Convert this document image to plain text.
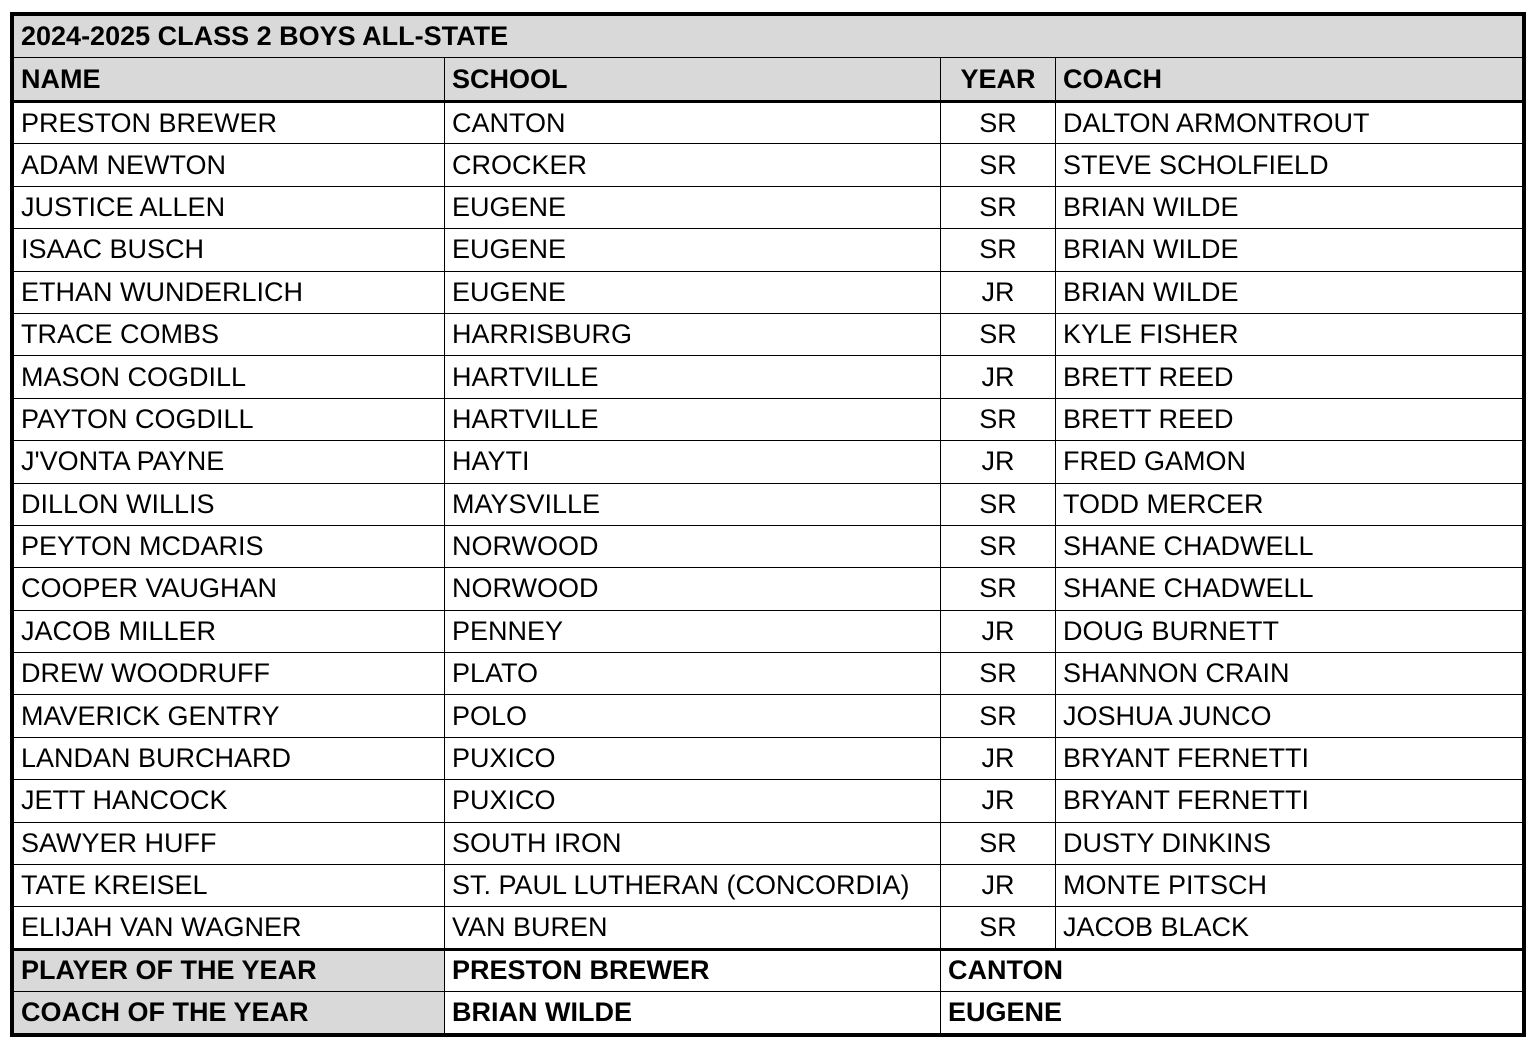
2024-2025 CLASS 2 BOYS ALL-STATE			
NAME	SCHOOL	YEAR	COACH
PRESTON BREWER	CANTON	SR	DALTON ARMONTROUT
ADAM NEWTON	CROCKER	SR	STEVE SCHOLFIELD
JUSTICE ALLEN	EUGENE	SR	BRIAN WILDE
ISAAC BUSCH	EUGENE	SR	BRIAN WILDE
ETHAN WUNDERLICH	EUGENE	JR	BRIAN WILDE
TRACE COMBS	HARRISBURG	SR	KYLE FISHER
MASON COGDILL	HARTVILLE	JR	BRETT REED
PAYTON COGDILL	HARTVILLE	SR	BRETT REED
J'VONTA PAYNE	HAYTI	JR	FRED GAMON
DILLON WILLIS	MAYSVILLE	SR	TODD MERCER
PEYTON MCDARIS	NORWOOD	SR	SHANE CHADWELL
COOPER VAUGHAN	NORWOOD	SR	SHANE CHADWELL
JACOB MILLER	PENNEY	JR	DOUG BURNETT
DREW WOODRUFF	PLATO	SR	SHANNON CRAIN
MAVERICK GENTRY	POLO	SR	JOSHUA JUNCO
LANDAN BURCHARD	PUXICO	JR	BRYANT FERNETTI
JETT HANCOCK	PUXICO	JR	BRYANT FERNETTI
SAWYER HUFF	SOUTH IRON	SR	DUSTY DINKINS
TATE KREISEL	ST. PAUL LUTHERAN (CONCORDIA)	JR	MONTE PITSCH
ELIJAH VAN WAGNER	VAN BUREN	SR	JACOB BLACK
PLAYER OF THE YEAR	PRESTON BREWER	CANTON	
COACH OF THE YEAR	BRIAN WILDE	EUGENE	
